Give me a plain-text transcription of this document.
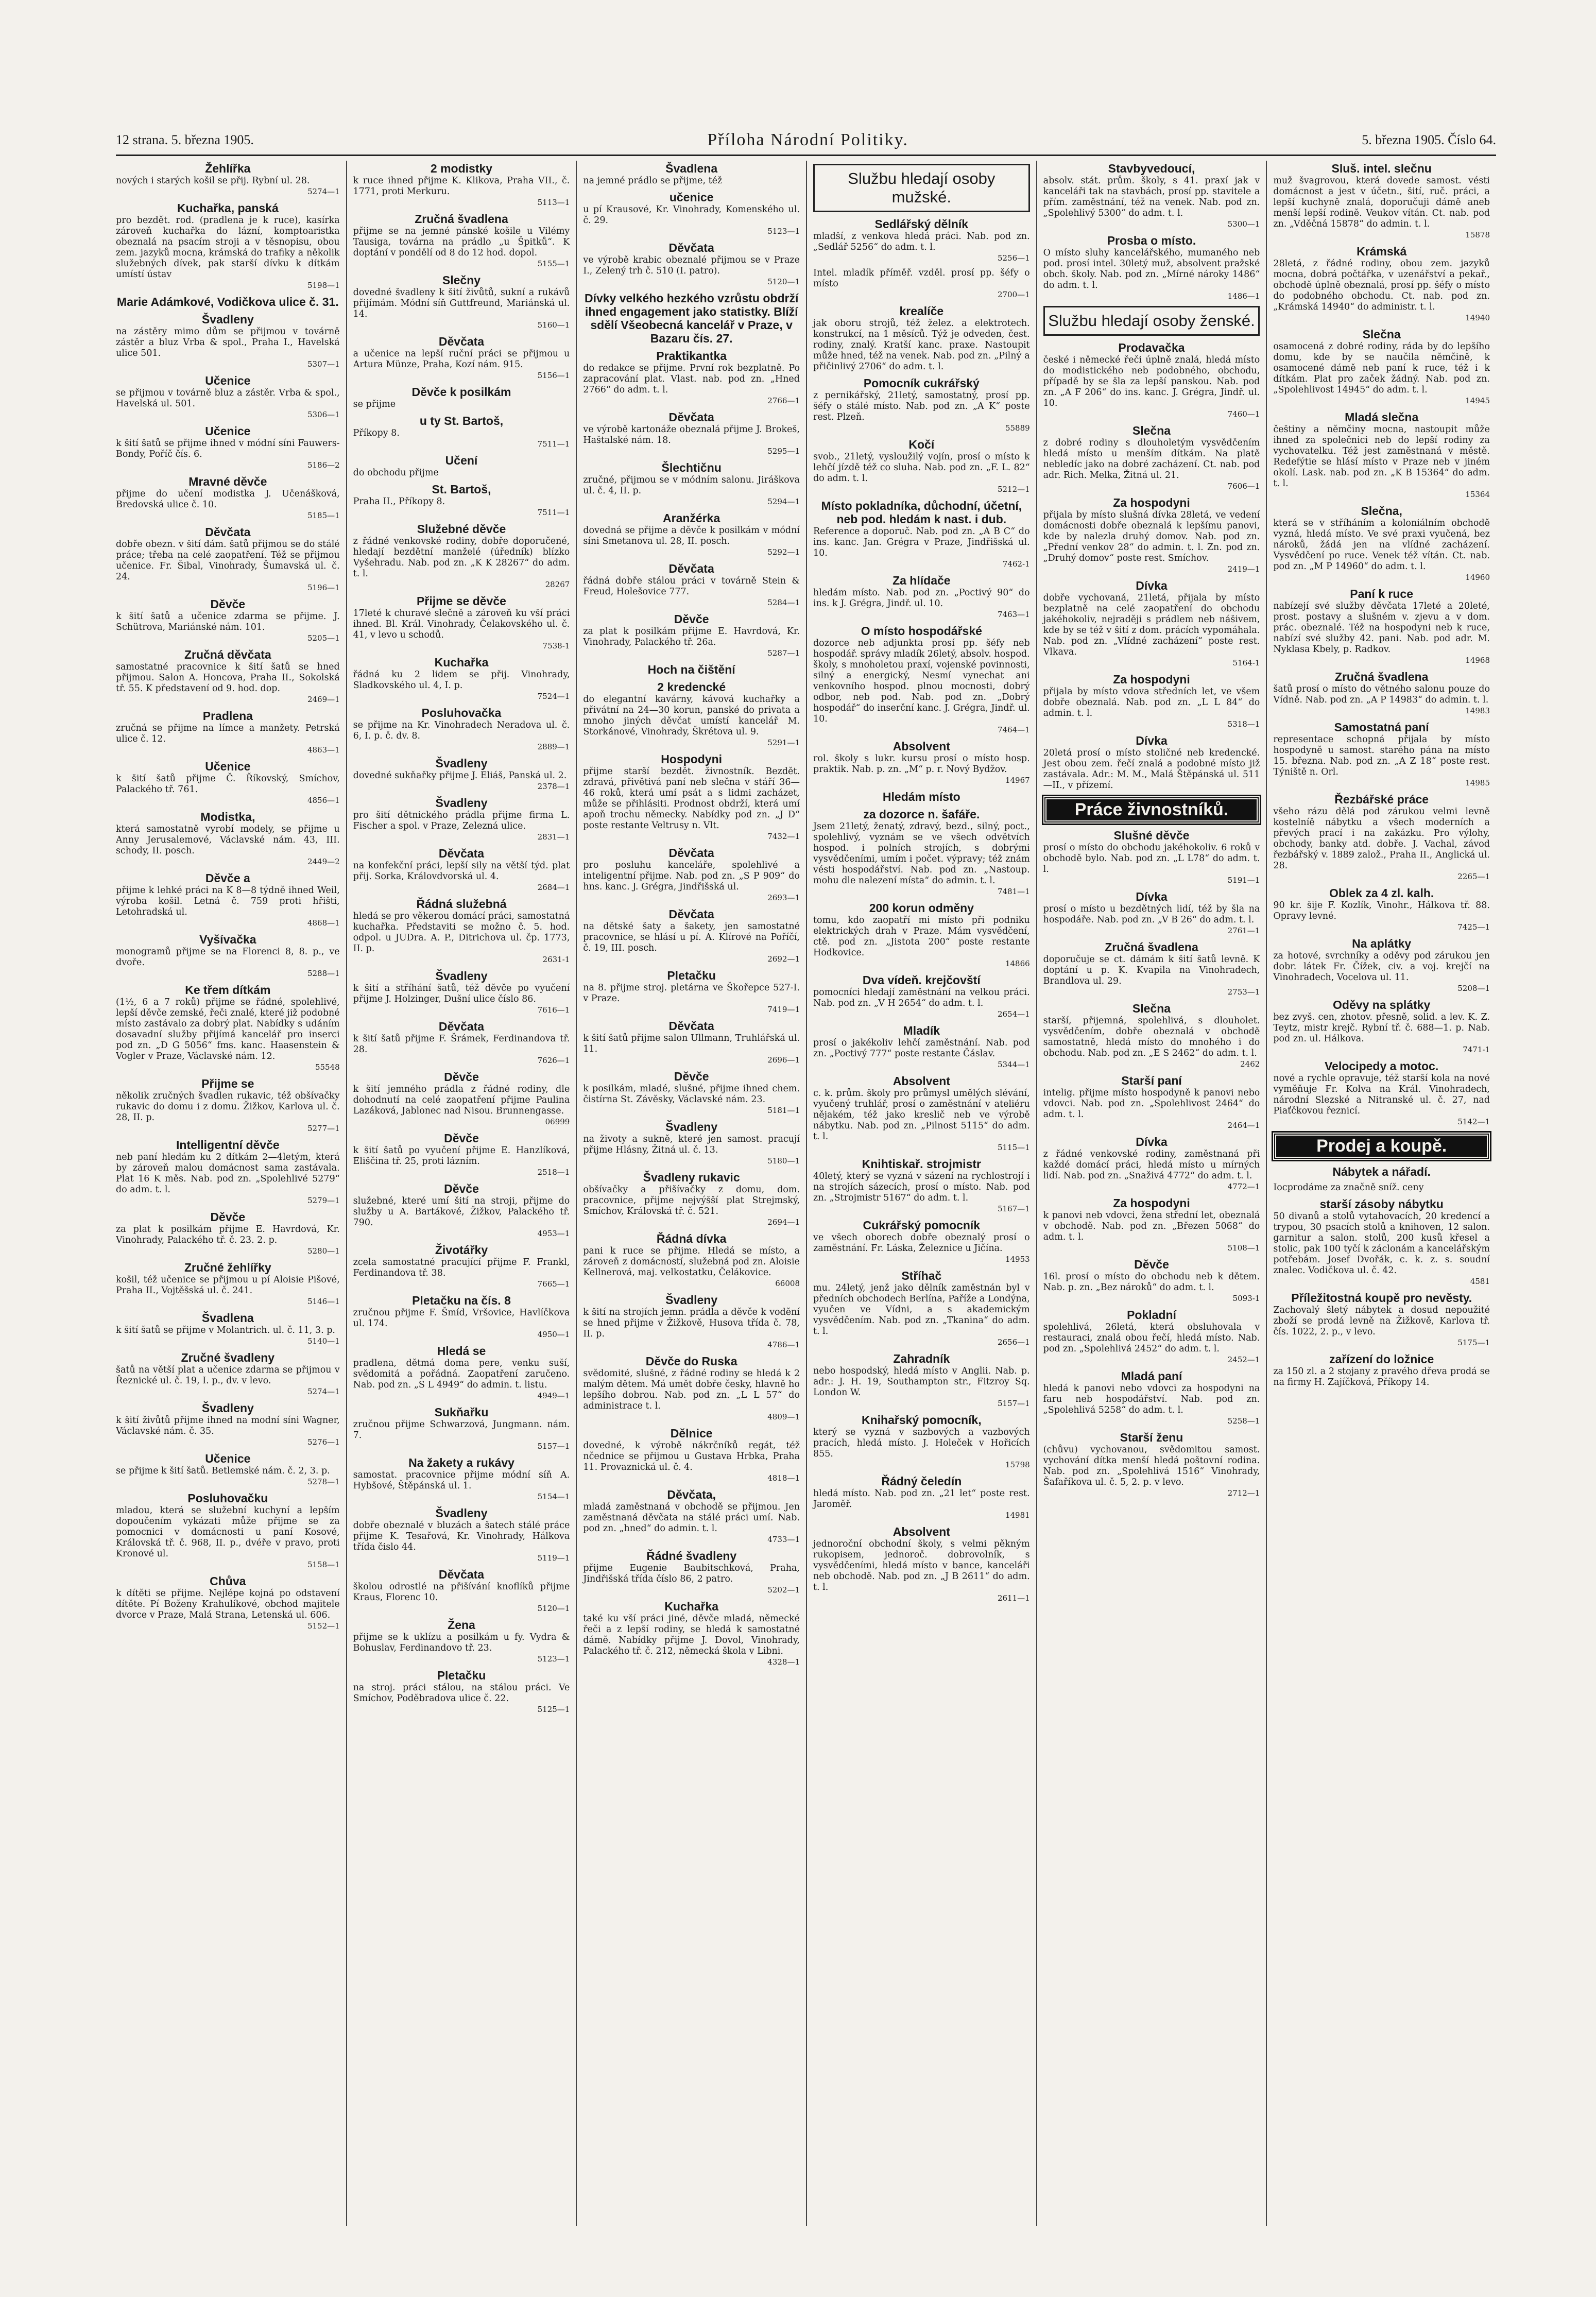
12 strana. 5. března 1905.	Příloha Národní Politiky.	5. března 1905. Číslo 64.
Žehlířka

nových i starých košil se přij. Rybní ul. 28.

5274—1
Kuchařka, panská

pro bezdět. rod. (pradlena je k ruce), kasírka zároveň kuchařka do lázní, komptoaristka obeznalá na psacím stroji a v těsnopisu, obou zem. jazyků mocna, krámská do trafiky a několik služebných dívek, pak starší dívku k dítkám umístí ústav

5198—1
Marie Adámkové, Vodičkova ulice č. 31.
Švadleny

na zástěry mimo dům se přijmou v továrně zástěr a bluz Vrba & spol., Praha I., Havelská ulice 501.

5307—1
Učenice

se přijmou v továrně bluz a zástěr. Vrba & spol., Havelská ul. 501.

5306—1
Učenice

k šití šatů se přijme ihned v módní síni Fauwers-Bondy, Poříč čís. 6.

5186—2
Mravné děvče

přijme do učení modistka J. Učenášková, Bredovská ulice č. 10.

5185—1
Děvčata

dobře obezn. v šití dám. šatů přijmou se do stálé práce; třeba na celé zaopatření. Též se přijmou učenice. Fr. Šibal, Vinohrady, Šumavská ul. č. 24.

5196—1
Děvče

k šití šatů a učenice zdarma se přijme. J. Schütrova, Mariánské nám. 101.

5205—1
Zručná děvčata

samostatné pracovnice k šití šatů se hned přijmou. Salon A. Honcova, Praha II., Sokolská tř. 55. K představení od 9. hod. dop.

2469—1
Pradlena

zručná se přijme na límce a manžety. Petrská ulice č. 12.

4863—1
Učenice

k šití šatů přijme Č. Říkovský, Smíchov, Palackého tř. 761.

4856—1
Modistka,

která samostatně vyrobí modely, se přijme u Anny Jerusalemové, Václavské nám. 43, III. schody, II. posch.

2449—2
Děvče a

přijme k lehké práci na K 8—8 týdně ihned Weil, výroba košil. Letná č. 759 proti hřišti, Letohradská ul.

4868—1
Vyšívačka

monogramů přijme se na Florenci 8, 8. p., ve dvoře.

5288—1
Ke třem dítkám

(1½, 6 a 7 roků) přijme se řádné, spolehlivé, lepší děvče zemské, řeči znalé, které již podobné místo zastávalo za dobrý plat. Nabídky s udáním dosavadní služby přijímá kancelář pro inserci pod zn. „D G 5056“ fms. kanc. Haasenstein & Vogler v Praze, Václavské nám. 12.

55548
Přijme se

několik zručných švadlen rukavic, též obšívačky rukavic do domu i z domu. Žižkov, Karlova ul. č. 28, II. p.

5277—1
Intelligentní děvče

neb paní hledám ku 2 dítkám 2—4letým, která by zároveň malou domácnost sama zastávala. Plat 16 K měs. Nab. pod zn. „Spolehlivé 5279“ do adm. t. l.

5279—1
Děvče

za plat k posilkám přijme E. Havrdová, Kr. Vinohrady, Palackého tř. č. 23. 2. p.

5280—1
Zručné žehlířky

košil, též učenice se přijmou u pí Aloisie Pišové, Praha II., Vojtěšská ul. č. 241.

5146—1
Švadlena

k šití šatů se přijme v Molantrich. ul. č. 11, 3. p.

5140—1
Zručné švadleny

šatů na větší plat a učenice zdarma se přijmou v Řeznické ul. č. 19, I. p., dv. v levo.

5274—1
Švadleny

k šití živůtů přijme ihned na modní síni Wagner, Václavské nám. č. 35.

5276—1
Učenice

se přijme k šití šatů. Betlemské nám. č. 2, 3. p.

5278—1
Posluhovačku

mladou, která se služební kuchyní a lepším dopoučením vykázati může přijme se za pomocnici v domácnosti u paní Kosové, Královská tř. č. 968, II. p., dvéře v pravo, proti Kronové ul.

5158—1
Chůva

k dítěti se přijme. Nejlépe kojná po odstavení dítěte. Pí Boženy Krahulíkové, obchod majitele dvorce v Praze, Malá Strana, Letenská ul. 606.

5152—1
2 modistky

k ruce ihned přijme K. Klikova, Praha VII., č. 1771, proti Merkuru.

5113—1
Zručná švadlena

přijme se na jemné pánské košile u Vilémy Tausiga, továrna na prádlo „u Špitků“. K doptání v pondělí od 8 do 12 hod. dopol.

5155—1
Slečny

dovedné švadleny k šití živůtů, sukní a rukávů přijímám. Módní síň Guttfreund, Mariánská ul. 14.

5160—1
Děvčata

a učenice na lepší ruční práci se přijmou u Artura Münze, Praha, Kozí nám. 915.

5156—1
Děvče k posilkám

se přijme

u ty St. Bartoš,

Příkopy 8.

7511—1
Učení

do obchodu přijme

St. Bartoš,

Praha II., Příkopy 8.

7511—1
Služebné děvče

z řádné venkovské rodiny, dobře doporučené, hledají bezdětní manželé (úředník) blízko Vyšehradu. Nab. pod zn. „K K 28267“ do adm. t. l.

28267
Přijme se děvče

17leté k churavé slečně a zároveň ku vší práci ihned. Bl. Král. Vinohrady, Čelakovského ul. č. 41, v levo u schodů.

7538-1
Kuchařka

řádná ku 2 lidem se přij. Vinohrady, Sladkovského ul. 4, I. p.

7524—1
Posluhovačka

se přijme na Kr. Vinohradech Neradova ul. č. 6, I. p. č. dv. 8.

2889—1
Švadleny

dovedné sukňařky přijme J. Eliáš, Panská ul. 2.

2378—1
Švadleny

pro šití dětnického prádla přijme firma L. Fischer a spol. v Praze, Zelezná ulice.

2831—1
Děvčata

na konfekční práci, lepší sily na větší týd. plat přij. Sorka, Královdvorská ul. 4.

2684—1
Řádná služebná

hledá se pro věkerou domácí práci, samostatná kuchařka. Představiti se možno č. 5. hod. odpol. u JUDra. A. P., Ditrichova ul. čp. 1773, II. p.

2631-1
Švadleny

k šití a stříhání šatů, též děvče po vyučení přijme J. Holzinger, Dušní ulice číslo 86.

7616—1
Děvčata

k šití šatů přijme F. Šrámek, Ferdinandova tř. 28.

7626—1
Děvče

k šití jemného prádla z řádné rodiny, dle dohodnutí na celé zaopatření přijme Paulina Lazáková, Jablonec nad Nisou. Brunnengasse.

06999
Děvče

k šití šatů po vyučení přijme E. Hanzlíková, Eliščina tř. 25, proti lázním.

2518—1
Děvče

služebné, které umí šití na stroji, přijme do služby u A. Bartákové, Žižkov, Palackého tř. 790.

4953—1
Životářky

zcela samostatné pracující přijme F. Frankl, Ferdinandova tř. 38.

7665—1
Pletačku na čís. 8

zručnou přijme F. Šmíd, Vršovice, Havlíčkova ul. 174.

4950—1
Hledá se

pradlena, dětmá doma pere, venku suší, svědomitá a pořádná. Zaopatření zaručeno. Nab. pod zn. „S L 4949“ do admin. t. listu.

4949—1
Sukňařku

zručnou přijme Schwarzová, Jungmann. nám. 7.

5157—1
Na žakety a rukávy

samostat. pracovnice přijme módní síň A. Hybšové, Štěpánská ul. 1.

5154—1
Švadleny

dobře obeznalé v bluzách a šatech stálé práce přijme K. Tesařová, Kr. Vinohrady, Hálkova třída čislo 44.

5119—1
Děvčata

školou odrostlé na přišívání knoflíků přijme Kraus, Florenc 10.

5120—1
Žena

přijme se k uklízu a posilkám u fy. Vydra & Bohuslav, Ferdinandovo tř. 23.

5123—1
Pletačku

na stroj. práci stálou, na stálou práci. Ve Smíchov, Poděbradova ulice č. 22.

5125—1
Švadlena

na jemné prádlo se přijme, též

učenice

u pí Krausové, Kr. Vinohrady, Komenského ul. č. 29.

5123—1
Děvčata

ve výrobě krabic obeznalé přijmou se v Praze I., Zelený trh č. 510 (I. patro).

5120—1
Dívky velkého hezkého vzrůstu obdrží ihned engagement jako statistky. Blíží sdělí Všeobecná kancelář v Praze, v Bazaru čís. 27.
Praktikantka

do redakce se přijme. První rok bezplatně. Po zapracování plat. Vlast. nab. pod zn. „Hned 2766“ do adm. t. l.

2766—1
Děvčata

ve výrobě kartonáže obeznalá přijme J. Brokeš, Haštalské nám. 18.

5295—1
Šlechtičnu

zručné, přijmou se v módním salonu. Jiráškova ul. č. 4, II. p.

5294—1
Aranžérka

dovedná se přijme a děvče k posilkám v módní síni Smetanova ul. 28, II. posch.

5292—1
Děvčata

řádná dobře stálou práci v továrně Stein & Freud, Holešovice 777.

5284—1
Děvče

za plat k posilkám přijme E. Havrdová, Kr. Vinohrady, Palackého tř. 26a.

5287—1
Hoch na čištění
2 kredencké

do elegantní kavárny, kávová kuchařky a přivátní na 24—30 korun, panské do privata a mnoho jiných děvčat umístí kancelář M. Storkánové, Vinohrady, Škrétova ul. 9.

5291—1
Hospodyni

přijme starší bezdět. živnostník. Bezdět. zdravá, přivětivá paní neb slečna v stáří 36—46 roků, která umí psát a s lidmi zacházet, může se přihlásiti. Prodnost obdrží, která umí apoň trochu německy. Nabídky pod zn. „J D“ poste restante Veltrusy n. Vlt.

7432—1
Děvčata

pro posluhu kanceláře, spolehlivé a inteligentní přijme. Nab. pod zn. „S P 909“ do hns. kanc. J. Grégra, Jindřišská ul.

2693—1
Děvčata

na dětské šaty a šakety, jen samostatné pracovnice, se hlásí u pí. A. Klírové na Poříčí, č. 19, III. posch.

2692—1
Pletačku

na 8. přijme stroj. pletárna ve Škořepce 527-I. v Praze.

7419—1
Děvčata

k šití šatů přijme salon Ullmann, Truhlářská ul. 11.

2696—1
Děvče

k posilkám, mladé, slušné, přijme ihned chem. čistírna St. Závěsky, Václavské nám. 23.

5181—1
Švadleny

na životy a sukně, které jen samost. pracují přijme Hlásny, Žitná ul. č. 13.

5180—1
Švadleny rukavic

obšívačky a přišívačky z domu, dom. pracovnice, přijme nejvýšší plat Strejmský, Smíchov, Královská tř. č. 521.

2694—1
Řádná dívka

pani k ruce se přijme. Hledá se místo, a zároveň z domácností, služebná pod zn. Aloisie Kellnerová, maj. velkostatku, Čelákovice.

66008
Švadleny

k šití na strojích jemn. prádla a děvče k vodění se hned přijme v Žižkově, Husova třída č. 78, II. p.

4786—1
Děvče do Ruska

svědomité, slušné, z řádné rodiny se hledá k 2 malým dětem. Má umět dobře česky, hlavně ho lepšího dobrou. Nab. pod zn. „L L 57“ do administrace t. l.

4809—1
Dělnice

dovedné, k výrobě nákrčníků regát, též nčednice se přijmou u Gustava Hrbka, Praha 11. Provaznická ul. č. 4.

4818—1
Děvčata,

mladá zaměstnaná v obchodě se přijmou. Jen zaměstnaná děvčata na stálé práci umí. Nab. pod zn. „hned“ do admin. t. l.

4733—1
Řádné švadleny

přijme Eugenie Baubitschková, Praha, Jindřišská třída číslo 86, 2 patro.

5202—1
Kuchařka

také ku vší práci jiné, děvče mladá, německé řeči a z lepší rodiny, se hledá k samostatné dámě. Nabídky přijme J. Dovol, Vinohrady, Palackého tř. č. 212, německá škola v Libni.

4328—1
Službu hledají osoby mužské.
Sedlářský dělník

mladší, z venkova hledá práci. Nab. pod zn. „Sedlář 5256“ do adm. t. l.

5256—1

Intel. mladík příměř. vzděl. prosí pp. šéfy o místo

2700—1
krealíče

jak oboru strojů, též želez. a elektrotech. konstrukcí, na 1 měsíců. Týž je odveden, čest. rodiny, znalý. Kratší kanc. praxe. Nastoupit může hned, též na venek. Nab. pod zn. „Pilný a přičinlivý 2706“ do adm. t. l.

Pomocník cukrářský

z pernikářský, 21letý, samostatný, prosí pp. šéfy o stálé místo. Nab. pod zn. „A K“ poste rest. Plzeň.

55889
Kočí

svob., 21letý, vysloužilý vojín, prosí o místo k lehčí jízdě též co sluha. Nab. pod zn. „F. L. 82“ do adm. t. l.

5212—1
Místo pokladníka, důchodní, účetní, neb pod. hledám k nast. i dub.

Reference a doporuč. Nab. pod zn. „A B C“ do ins. kanc. Jan. Grégra v Praze, Jindřišská ul. 10.

7462-1
Za hlídače

hledám místo. Nab. pod zn. „Poctivý 90“ do ins. k J. Grégra, Jindř. ul. 10.

7463—1
O místo hospodářské

dozorce neb adjunkta prosí pp. šéfy neb hospodář. správy mladík 26letý, absolv. hospod. školy, s mnoholetou praxí, vojenské povinnosti, silný a energický, Nesmí vynechat ani venkovního hospod. plnou mocnosti, dobrý odbor, neb pod. Nab. pod zn. „Dobrý hospodář“ do inserční kanc. J. Grégra, Jindř. ul. 10.

7464—1
Absolvent

rol. školy s lukr. kursu prosí o místo hosp. praktik. Nab. p. zn. „M“ p. r. Nový Bydžov.

14967
Hledám místo
za dozorce n. šafáře.

Jsem 21letý, ženatý, zdravý, bezd., silný, poct., spolehlivý, vyznám se ve všech odvětvích hospod. i polních strojích, s dobrými vysvědčeními, umím i počet. výpravy; též znám vésti hospodářství. Nab. pod zn. „Nastoup. mohu dle nalezení místa“ do admin. t. l.

7481—1
200 korun odměny

tomu, kdo zaopatří mi místo při podniku elektrických drah v Praze. Mám vysvědčení, ctě. pod zn. „Jistota 200“ poste restante Hodkovice.

14866
Dva vídeň. krejčovští

pomocníci hledají zaměstnání na velkou práci. Nab. pod zn. „V H 2654“ do adm. t. l.

2654—1
Mladík

prosí o jakékoliv lehčí zaměstnání. Nab. pod zn. „Poctivý 777“ poste restante Čáslav.

5344—1
Absolvent

c. k. prům. školy pro průmysl umělých slévání, vyučený truhlář, prosí o zaměstnání v ateliéru nějakém, též jako kreslič neb ve výrobě nábytku. Nab. pod zn. „Pilnost 5115“ do adm. t. l.

5115—1
Knihtiskař. strojmistr

40letý, který se vyzná v sázení na rychlostrojí i na strojích sázecích, prosí o místo. Nab. pod zn. „Strojmistr 5167“ do adm. t. l.

5167—1
Cukrářský pomocník

ve všech oborech dobře obeznalý prosí o zaměstnání. Fr. Láska, Železnice u Jičína.

14953
Stříhač

mu. 24letý, jenž jako dělník zaměstnán byl v předních obchodech Berlína, Paříže a Londýna, vyučen ve Vídni, a s akademickým vysvědčením. Nab. pod zn. „Tkanina“ do adm. t. l.

2656—1
Zahradník

nebo hospodský, hledá místo v Anglii. Nab. p. adr.: J. H. 19, Southampton str., Fitzroy Sq. London W.

5157—1
Knihařský pomocník,

který se vyzná v sazbových a vazbových pracích, hledá místo. J. Holeček v Hořicích 855.

15798
Řádný čeledín

hledá místo. Nab. pod zn. „21 let“ poste rest. Jaroměř.

14981
Absolvent

jednoroční obchodní školy, s velmi pěkným rukopisem, jednoroč. dobrovolník, s vysvědčeními, hledá místo v bance, kanceláři neb obchodě. Nab. pod zn. „J B 2611“ do adm. t. l.

2611—1
Stavbyvedoucí,

absolv. stát. prům. školy, s 41. praxí jak v kanceláři tak na stavbách, prosí pp. stavitele a přím. zaměstnání, též na venek. Nab. pod zn. „Spolehlivý 5300“ do adm. t. l.

5300—1
Prosba o místo.

O místo sluhy kancelářského, mumaného neb pod. prosí intel. 30letý muž, absolvent pražské obch. školy. Nab. pod zn. „Mírné nároky 1486“ do adm. t. l.

1486—1
Službu hledají osoby ženské.
Prodavačka

české i německé řeči úplně znalá, hledá místo do modistického neb podobného, obchodu, případě by se šla za lepší panskou. Nab. pod zn. „A F 206“ do ins. kanc. J. Grégra, Jindř. ul. 10.

7460—1
Slečna

z dobré rodiny s dlouholetým vysvědčením hledá místo u menším dítkám. Na platě nebledíc jako na dobré zacházení. Ct. nab. pod adr. Rich. Melka, Žitná ul. 21.

7606—1
Za hospodyni

přijala by místo slušná dívka 28letá, ve vedení domácnosti dobře obeznalá k lepšímu panovi, kde by nalezla druhý domov. Nab. pod zn. „Přední venkov 28“ do admin. t. l. Zn. pod zn. „Druhý domov“ poste rest. Smíchov.

2419—1
Dívka

dobře vychovaná, 21letá, přijala by místo bezplatně na celé zaopatření do obchodu jakéhokoliv, nejraději s prádlem neb nášivem, kde by se též v šití z dom. prácích vypomáhala. Nab. pod zn. „Vlídné zacházení“ poste rest. Vlkava.

5164-1
Za hospodyni

přijala by místo vdova středních let, ve všem dobře obeznalá. Nab. pod zn. „L L 84“ do admin. t. l.

5318—1
Dívka

20letá prosí o místo stoličné neb kredencké. Jest obou zem. řečí znalá a podobné místo již zastávala. Adr.: M. M., Malá Štěpánská ul. 511—II., v přízemí.

Práce živnostníků.
Slušné děvče

prosí o místo do obchodu jakéhokoliv. 6 roků v obchodě bylo. Nab. pod zn. „L L78“ do adm. t. l.

5191—1
Dívka

prosí o místo u bezdětných lidí, též by šla na hospodáře. Nab. pod zn. „V B 26“ do adm. t. l.

2761—1
Zručná švadlena

doporučuje se ct. dámám k šití šatů levně. K doptání u p. K. Kvapila na Vinohradech, Brandlova ul. 29.

2753—1
Slečna

starší, přijemná, spolehlivá, s dlouholet. vysvědčením, dobře obeznalá v obchodě samostatně, hledá místo do mnohého i do obchodu. Nab. pod zn. „E S 2462“ do adm. t. l.

2462
Starší paní

intelig. přijme místo hospodyně k panovi nebo vdovci. Nab. pod zn. „Spolehlivost 2464“ do adm. t. l.

2464—1
Dívka

z řádné venkovské rodiny, zaměstnaná při každé domácí práci, hledá místo u mírných lidí. Nab. pod zn. „Snaživá 4772“ do adm. t. l.

4772—1
Za hospodyni

k panovi neb vdovci, žena střední let, obeznalá v obchodě. Nab. pod zn. „Březen 5068“ do adm. t. l.

5108—1
Děvče

16l. prosí o místo do obchodu neb k dětem. Nab. p. zn. „Bez nároků“ do adm. t. l.

5093-1
Pokladní

spolehlivá, 26letá, která obsluhovala v restauraci, znalá obou řečí, hledá místo. Nab. pod zn. „Spolehlivá 2452“ do adm. t. l.

2452—1
Mladá paní

hledá k panovi nebo vdovci za hospodyni na faru neb hospodářství. Nab. pod zn. „Spolehlivá 5258“ do adm. t. l.

5258—1
Starší ženu

(chůvu) vychovanou, svědomitou samost. vychování dítka menší hledá poštovní rodina. Nab. pod zn. „Spolehlivá 1516“ Vinohrady, Šafaříkova ul. č. 5, 2. p. v levo.

2712—1
Sluš. intel. slečnu

muž švagrovou, která dovede samost. vésti domácnost a jest v účetn., šití, ruč. práci, a lepší kuchyně znalá, doporučuji dámě aneb menší lepší rodině. Veukov vítán. Ct. nab. pod zn. „Vděčná 15878“ do admin. t. l.

15878
Krámská

28letá, z řádné rodiny, obou zem. jazyků mocna, dobrá počtářka, v uzenářství a pekař., obchodě úplně obeznalá, prosí pp. šéfy o místo do podobného obchodu. Ct. nab. pod zn. „Krámská 14940“ do administr. t. l.

14940
Slečna

osamocená z dobré rodiny, ráda by do lepšího domu, kde by se naučila němčině, k osamocené dámě neb paní k ruce, též i k dítkám. Plat pro začek žádný. Nab. pod zn. „Spolehlivost 14945“ do adm. t. l.

14945
Mladá slečna

češtiny a němčiny mocna, nastoupit může ihned za společnici neb do lepší rodiny za vychovatelku. Též jest zaměstnaná v městě. Redefýtie se hlásí místo v Praze neb v jiném okolí. Lask. nab. pod zn. „K B 15364“ do adm. t. l.

15364
Slečna,

která se v stříháním a koloniálním obchodě vyzná, hledá místo. Ve své praxi vyučená, bez nároků, žádá jen na vlídné zacházení. Vysvědčení po ruce. Venek též vítán. Ct. nab. pod zn. „M P 14960“ do adm. t. l.

14960
Paní k ruce

nabízejí své služby děvčata 17leté a 20leté, prost. postavy a slušném v. zjevu a v dom. prác. obeznalé. Též na hospodyni neb k ruce, nabízí své služby 42. pani. Nab. pod adr. M. Nyklasa Kbely, p. Radkov.

14968
Zručná švadlena

šatů prosí o místo do větného salonu pouze do Vídně. Nab. pod zn. „A P 14983“ do admin. t. l.

14983
Samostatná paní

representace schopná přijala by místo hospodyně u samost. starého pána na místo 15. března. Nab. pod zn. „A Z 18“ poste rest. Týniště n. Orl.

14985
Řezbářské práce

všeho rázu dělá pod zárukou velmi levně kostelníě nábytku a všech moderních a převých prací i na zakázku. Pro výlohy, obchody, banky atd. dobře. J. Vachal, závod řezbářský v. 1889 založ., Praha II., Anglická ul. 28.

2265—1
Oblek za 4 zl. kalh.

90 kr. šije F. Kozlík, Vinohr., Hálkova tř. 88. Opravy levné.

7425—1
Na aplátky

za hotové, svrchníky a oděvy pod zárukou jen dobr. látek Fr. Čížek, civ. a voj. krejčí na Vinohradech, Vocelova ul. 11.

5208—1
Oděvy na splátky

bez zvyš. cen, zhotov. přesně, solid. a lev. K. Z. Teytz, mistr krejč. Rybní tř. č. 688—1. p. Nab. pod zn. ul. Hálkova.

7471-1
Velocipedy a motoc.

nové a rychle opravuje, též starší kola na nové vyměňuje Fr. Kolva na Král. Vinohradech, národní Slezské a Nitranské ul. č. 27, nad Piaťčkovou řeznicí.

5142—1
Prodej a koupě.
Nábytek a nářadí.

Iocprodáme za značně sníž. ceny

starší zásoby nábytku

50 divanů a stolů vytahovacích, 20 kredencí a trypou, 30 psacích stolů a knihoven, 12 salon. garnitur a salon. stolů, 200 kusů křesel a stolic, pak 100 tyčí k záclonám a kancelářským potřebám. Josef Dvořák, c. k. z. s. soudní znalec. Vodičkova ul. č. 42.

4581
Příležitostná koupě pro nevěsty.

Zachovalý šletý nábytek a dosud nepoužité zboží se prodá levně na Žižkově, Karlova tř. čís. 1022, 2. p., v levo.

5175—1
zařízení do ložnice

za 150 zl. a 2 stojany z pravého dřeva prodá se na firmy H. Zajíčková, Příkopy 14.
